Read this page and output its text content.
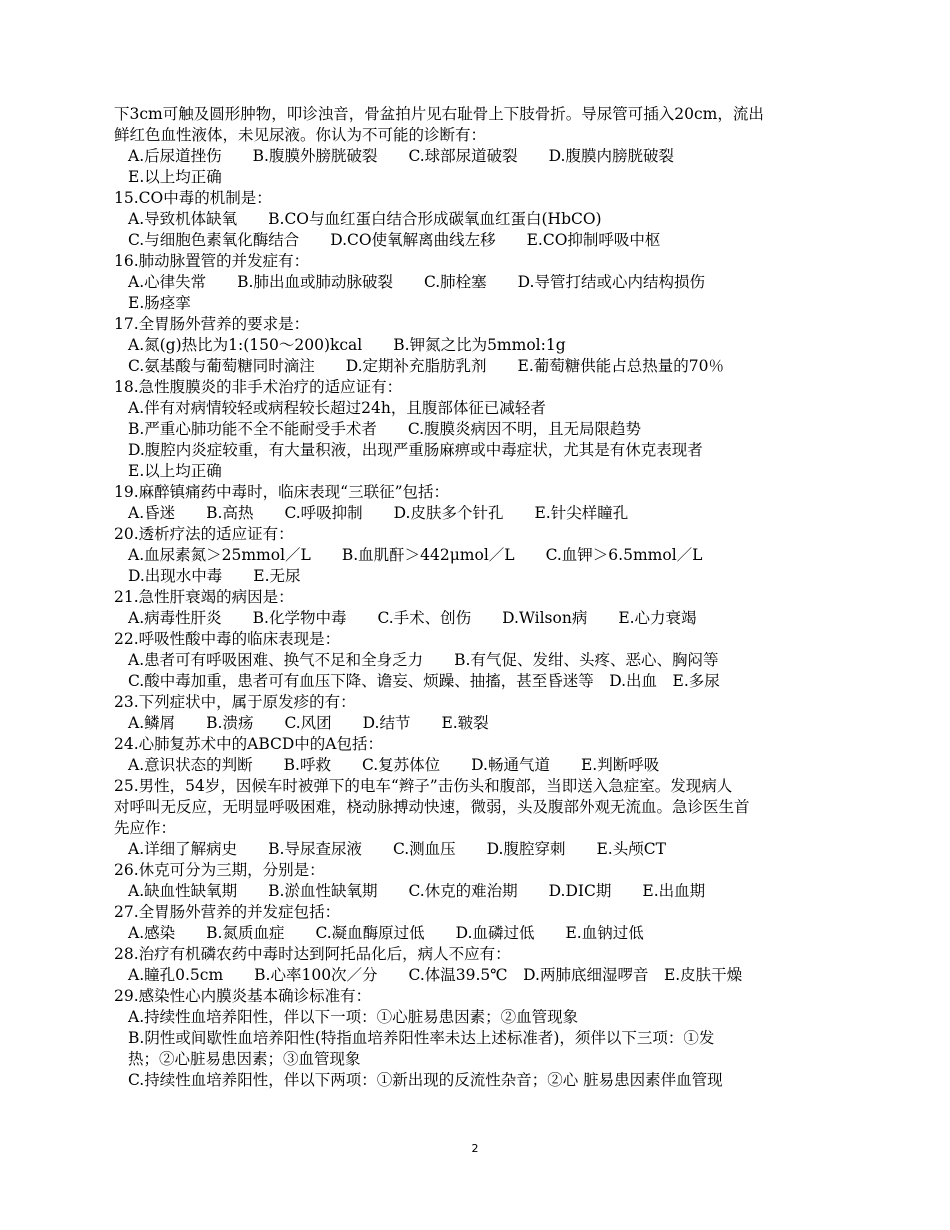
下3cm可触及圆形肿物，叩诊浊音，骨盆拍片见右耻骨上下肢骨折。导尿管可插入20cm，流出
鲜红色血性液体，未见尿液。你认为不可能的诊断有：
A.后尿道挫伤　　B.腹膜外膀胱破裂　　C.球部尿道破裂　　D.腹膜内膀胱破裂
E.以上均正确
15.CO中毒的机制是：
A.导致机体缺氧　　B.CO与血红蛋白结合形成碳氧血红蛋白(HbCO)
C.与细胞色素氧化酶结合　　D.CO使氧解离曲线左移　　E.CO抑制呼吸中枢
16.肺动脉置管的并发症有：
A.心律失常　　B.肺出血或肺动脉破裂　　C.肺栓塞　　D.导管打结或心内结构损伤
E.肠痉挛
17.全胃肠外营养的要求是：
A.氮(g)热比为1:(150～200)kcal　　B.钾氮之比为5mmol:1g
C.氨基酸与葡萄糖同时滴注　　D.定期补充脂肪乳剂　　E.葡萄糖供能占总热量的70％
18.急性腹膜炎的非手术治疗的适应证有：
A.伴有对病情较轻或病程较长超过24h，且腹部体征已减轻者
B.严重心肺功能不全不能耐受手术者　　C.腹膜炎病因不明，且无局限趋势
D.腹腔内炎症较重，有大量积液，出现严重肠麻痹或中毒症状，尤其是有休克表现者
E.以上均正确
19.麻醉镇痛药中毒时，临床表现“三联征”包括：
A.昏迷　　B.高热　　C.呼吸抑制　　D.皮肤多个针孔　　E.针尖样瞳孔
20.透析疗法的适应证有：
A.血尿素氮＞25mmol／L　　B.血肌酐＞442μmol／L　　C.血钾＞6.5mmol／L
D.出现水中毒　　E.无尿
21.急性肝衰竭的病因是：
A.病毒性肝炎　　B.化学物中毒　　C.手术、创伤　　D.Wilson病　　E.心力衰竭
22.呼吸性酸中毒的临床表现是：
A.患者可有呼吸困难、换气不足和全身乏力　　B.有气促、发绀、头疼、恶心、胸闷等
C.酸中毒加重，患者可有血压下降、谵妄、烦躁、抽搐，甚至昏迷等　D.出血　E.多尿
23.下列症状中，属于原发疹的有：
A.鳞屑　　B.溃疡　　C.风团　　D.结节　　E.皲裂
24.心肺复苏术中的ABCD中的A包括：
A.意识状态的判断　　B.呼救　　C.复苏体位　　D.畅通气道　　E.判断呼吸
25.男性，54岁，因候车时被弹下的电车“辫子”击伤头和腹部，当即送入急症室。发现病人
对呼叫无反应，无明显呼吸困难，桡动脉搏动快速，微弱，头及腹部外观无流血。急诊医生首
先应作：
A.详细了解病史　　B.导尿查尿液　　C.测血压　　D.腹腔穿刺　　E.头颅CT
26.休克可分为三期，分别是：
A.缺血性缺氧期　　B.淤血性缺氧期　　C.休克的难治期　　D.DIC期　　E.出血期
27.全胃肠外营养的并发症包括：
A.感染　　B.氮质血症　　C.凝血酶原过低　　D.血磷过低　　E.血钠过低
28.治疗有机磷农药中毒时达到阿托品化后，病人不应有：
A.瞳孔0.5cm　　B.心率100次／分　　C.体温39.5℃　D.两肺底细湿啰音　E.皮肤干燥
29.感染性心内膜炎基本确诊标准有：
A.持续性血培养阳性，伴以下一项：①心脏易患因素；②血管现象
B.阴性或间歇性血培养阳性(特指血培养阳性率未达上述标准者)，须伴以下三项：①发
热；②心脏易患因素；③血管现象
C.持续性血培养阳性，伴以下两项：①新出现的反流性杂音；②心 脏易患因素伴血管现
2
